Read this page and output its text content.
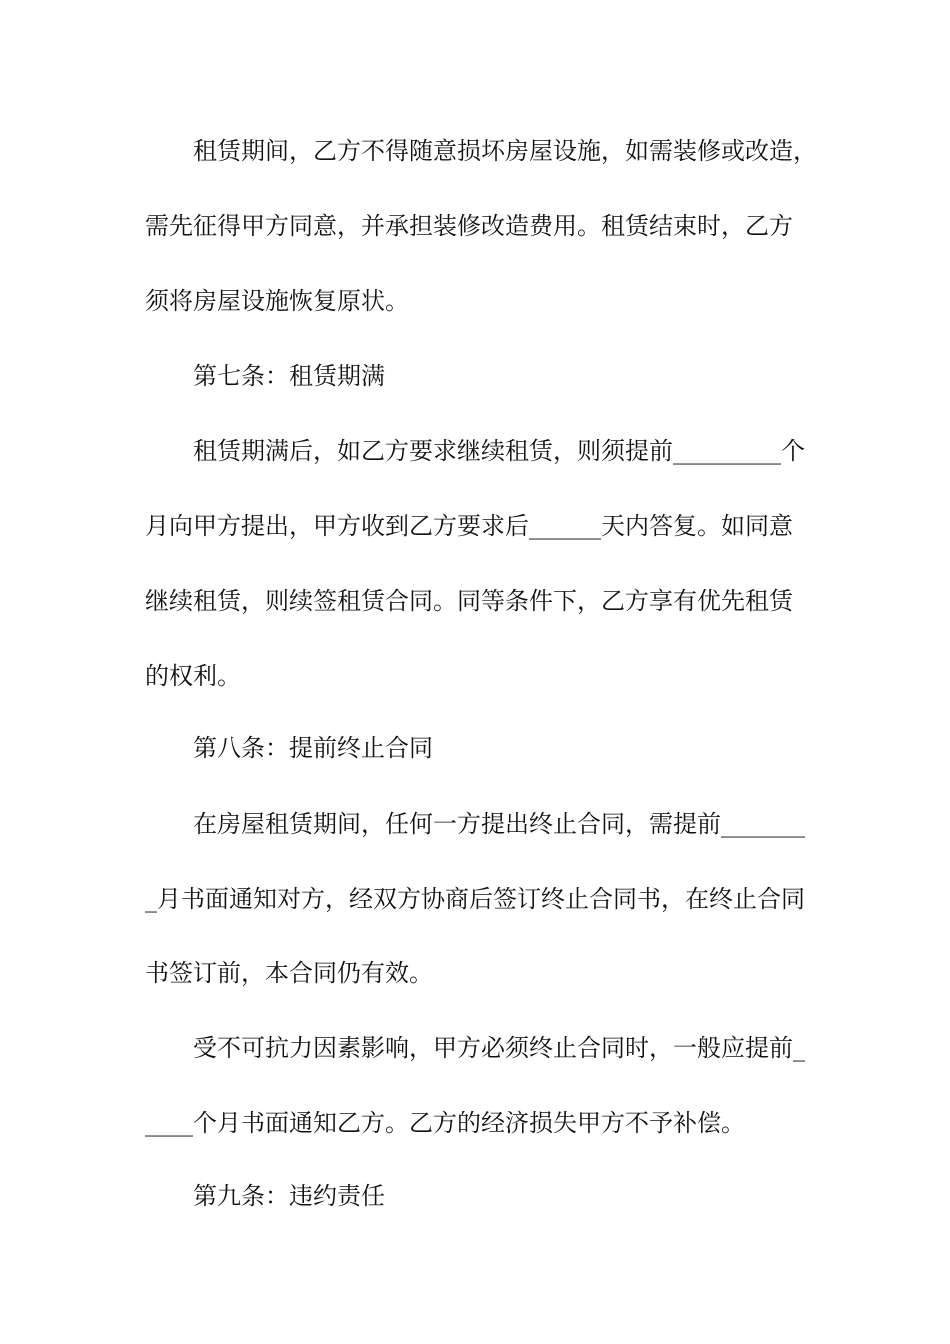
租赁期间，乙方不得随意损坏房屋设施，如需装修或改造，
需先征得甲方同意，并承担装修改造费用。租赁结束时，乙方
须将房屋设施恢复原状。
第七条：租赁期满
租赁期满后，如乙方要求继续租赁，则须提前_________个
月向甲方提出，甲方收到乙方要求后______天内答复。如同意
继续租赁，则续签租赁合同。同等条件下，乙方享有优先租赁
的权利。
第八条：提前终止合同
在房屋租赁期间，任何一方提出终止合同，需提前_______
_月书面通知对方，经双方协商后签订终止合同书，在终止合同
书签订前，本合同仍有效。
受不可抗力因素影响，甲方必须终止合同时，一般应提前_
____个月书面通知乙方。乙方的经济损失甲方不予补偿。
第九条：违约责任
